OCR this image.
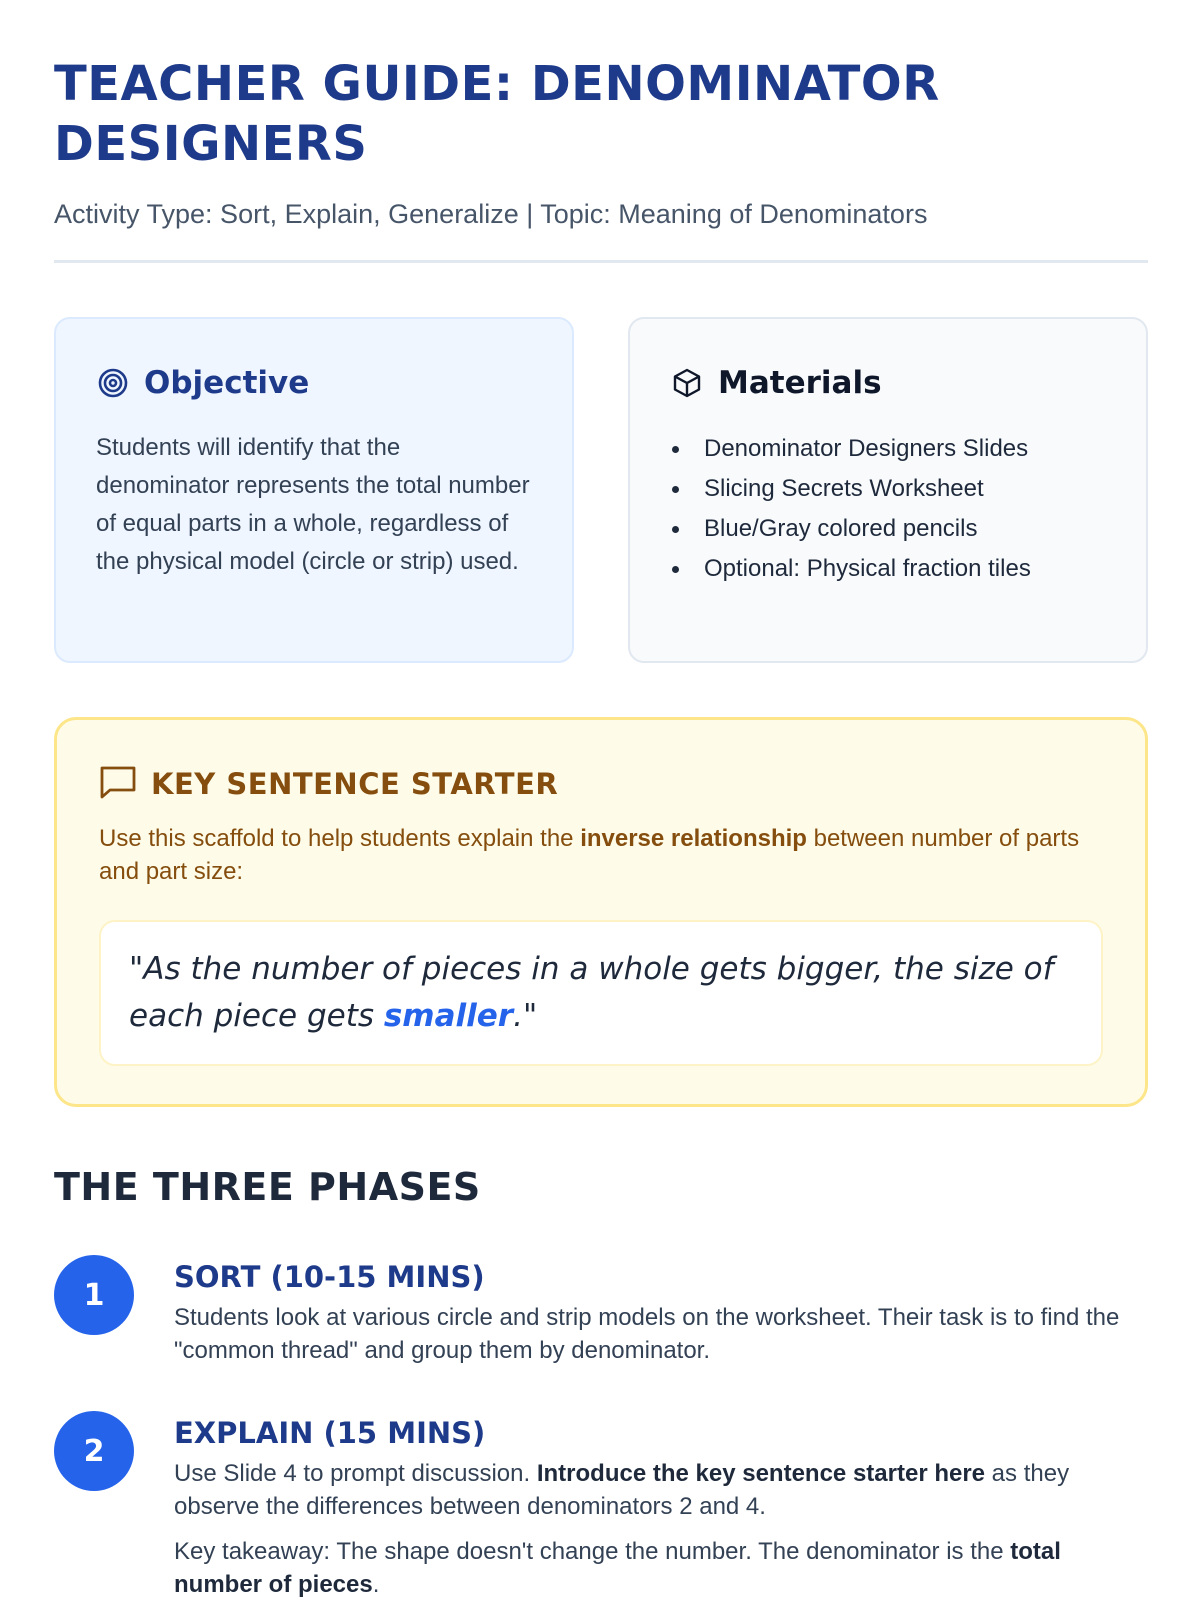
TEACHER GUIDE: DENOMINATOR DESIGNERS
Activity Type: Sort, Explain, Generalize | Topic: Meaning of Denominators
Objective

Students will identify that the denominator represents the total number of equal parts in a whole, regardless of the physical model (circle or strip) used.

Materials
Denominator Designers Slides
Slicing Secrets Worksheet
Blue/Gray colored pencils
Optional: Physical fraction tiles
KEY SENTENCE STARTER

Use this scaffold to help students explain the inverse relationship between number of parts and part size:

"As the number of pieces in a whole gets bigger, the size of each piece gets smaller."

THE THREE PHASES
1
SORT (10-15 MINS)

Students look at various circle and strip models on the worksheet. Their task is to find the "common thread" and group them by denominator.

2
EXPLAIN (15 MINS)

Use Slide 4 to prompt discussion. Introduce the key sentence starter here as they observe the differences between denominators 2 and 4.

Key takeaway: The shape doesn't change the number. The denominator is the total number of pieces.
